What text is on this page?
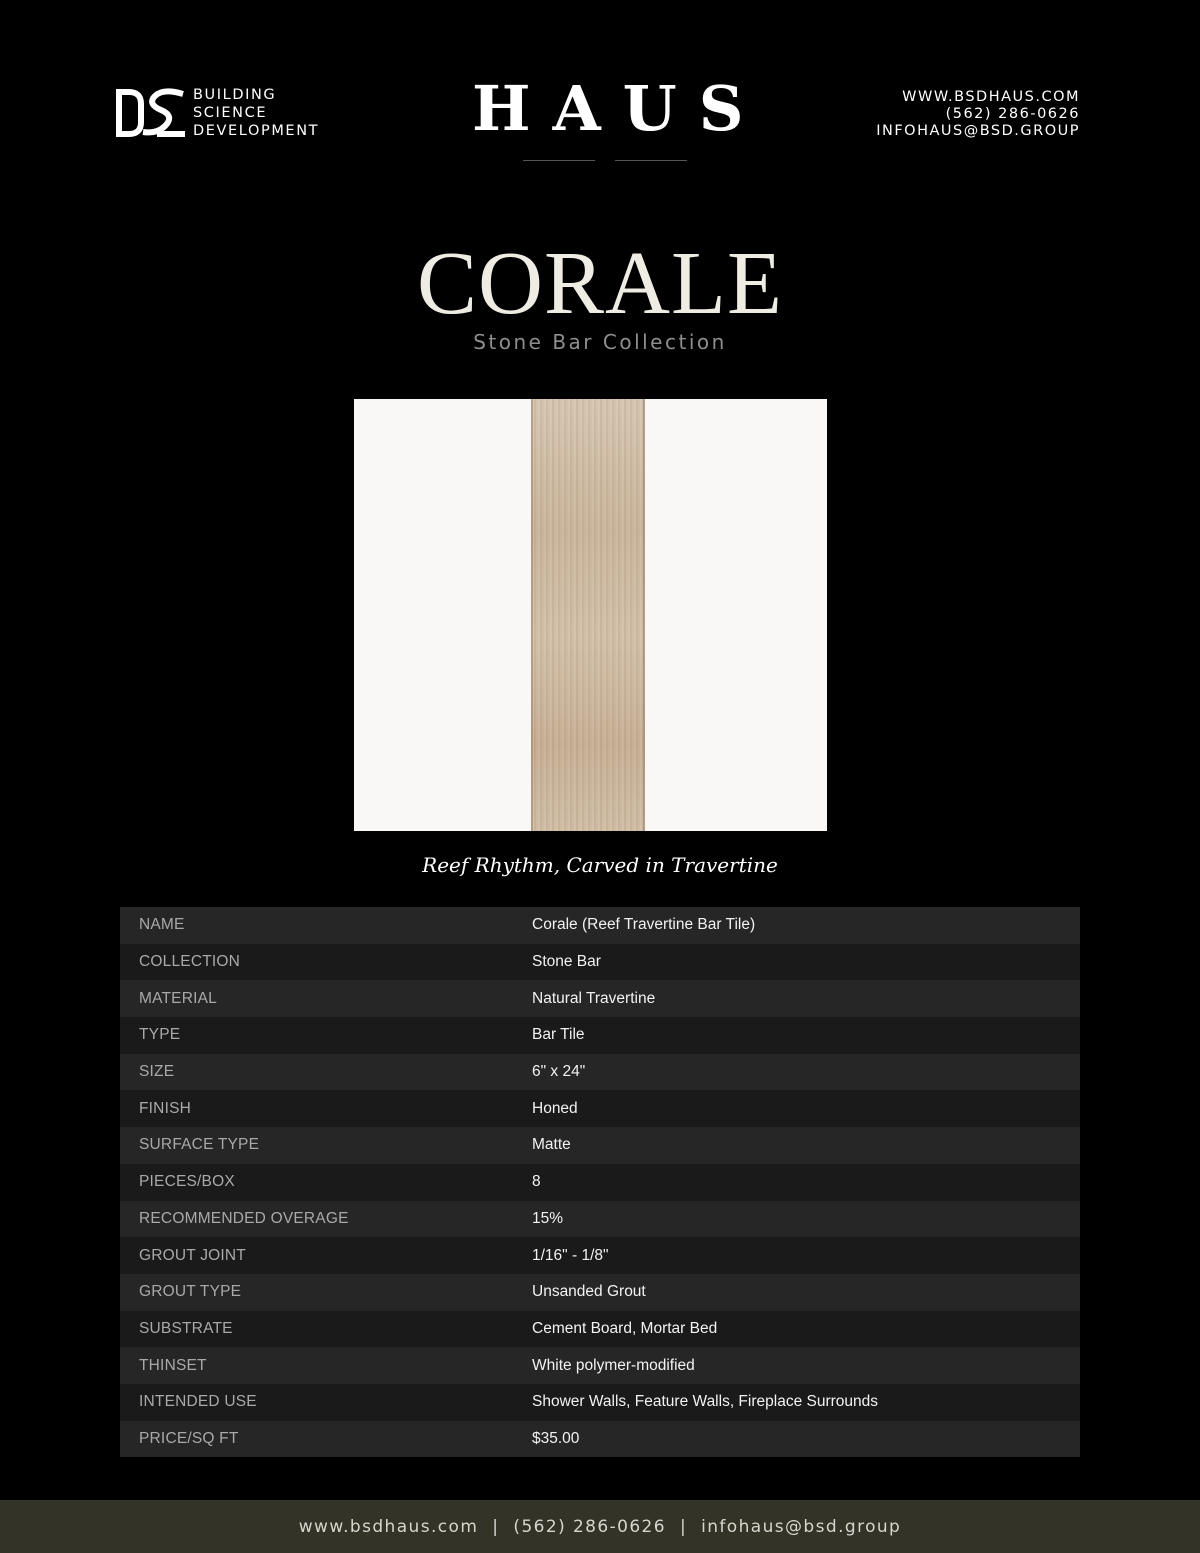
BUILDING
SCIENCE
DEVELOPMENT	HAUS	WWW.BSDHAUS.COM
(562) 286-0626
INFOHAUS@BSD.GROUP
CORALE
Stone Bar Collection
Reef Rhythm, Carved in Travertine
NAME	Corale (Reef Travertine Bar Tile)
COLLECTION	Stone Bar
MATERIAL	Natural Travertine
TYPE	Bar Tile
SIZE	6" x 24"
FINISH	Honed
SURFACE TYPE	Matte
PIECES/BOX	8
RECOMMENDED OVERAGE	15%
GROUT JOINT	1/16" - 1/8"
GROUT TYPE	Unsanded Grout
SUBSTRATE	Cement Board, Mortar Bed
THINSET	White polymer-modified
INTENDED USE	Shower Walls, Feature Walls, Fireplace Surrounds
PRICE/SQ FT	$35.00
www.bsdhaus.com | (562) 286-0626 | infohaus@bsd.group
